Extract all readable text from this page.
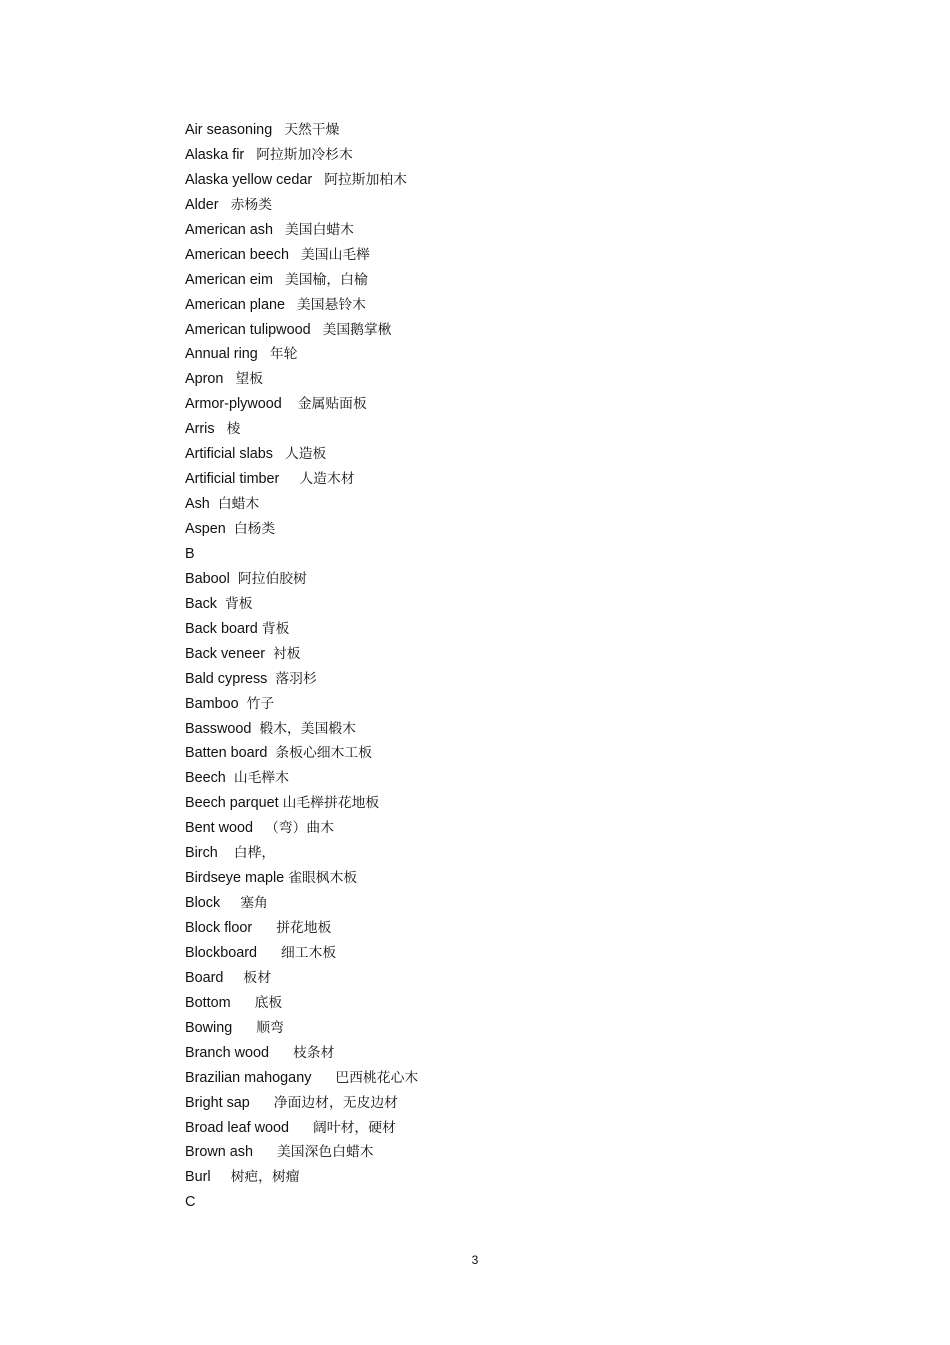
Air seasoning 天然干燥
Alaska fir 阿拉斯加冷杉木
Alaska yellow cedar 阿拉斯加柏木
Alder 赤杨类
American ash 美国白蜡木
American beech 美国山毛榉
American eim 美国榆，白榆
American plane 美国悬铃木
American tulipwood 美国鹅掌楸
Annual ring 年轮
Apron 望板
Armor-plywood 金属贴面板
Arris 棱
Artificial slabs 人造板
Artificial timber 人造木材
Ash 白蜡木
Aspen 白杨类
B
Babool 阿拉伯胶树
Back 背板
Back board 背板
Back veneer 衬板
Bald cypress 落羽杉
Bamboo 竹子
Basswood 椴木，美国椴木
Batten board 条板心细木工板
Beech 山毛榉木
Beech parquet 山毛榉拼花地板
Bent wood （弯）曲木
Birch 白桦，
Birdseye maple 雀眼枫木板
Block 塞角
Block floor 拼花地板
Blockboard 细工木板
Board 板材
Bottom 底板
Bowing 顺弯
Branch wood 枝条材
Brazilian mahogany 巴西桃花心木
Bright sap 净面边材，无皮边材
Broad leaf wood 阔叶材，硬材
Brown ash 美国深色白蜡木
Burl 树疤，树瘤
C
3
